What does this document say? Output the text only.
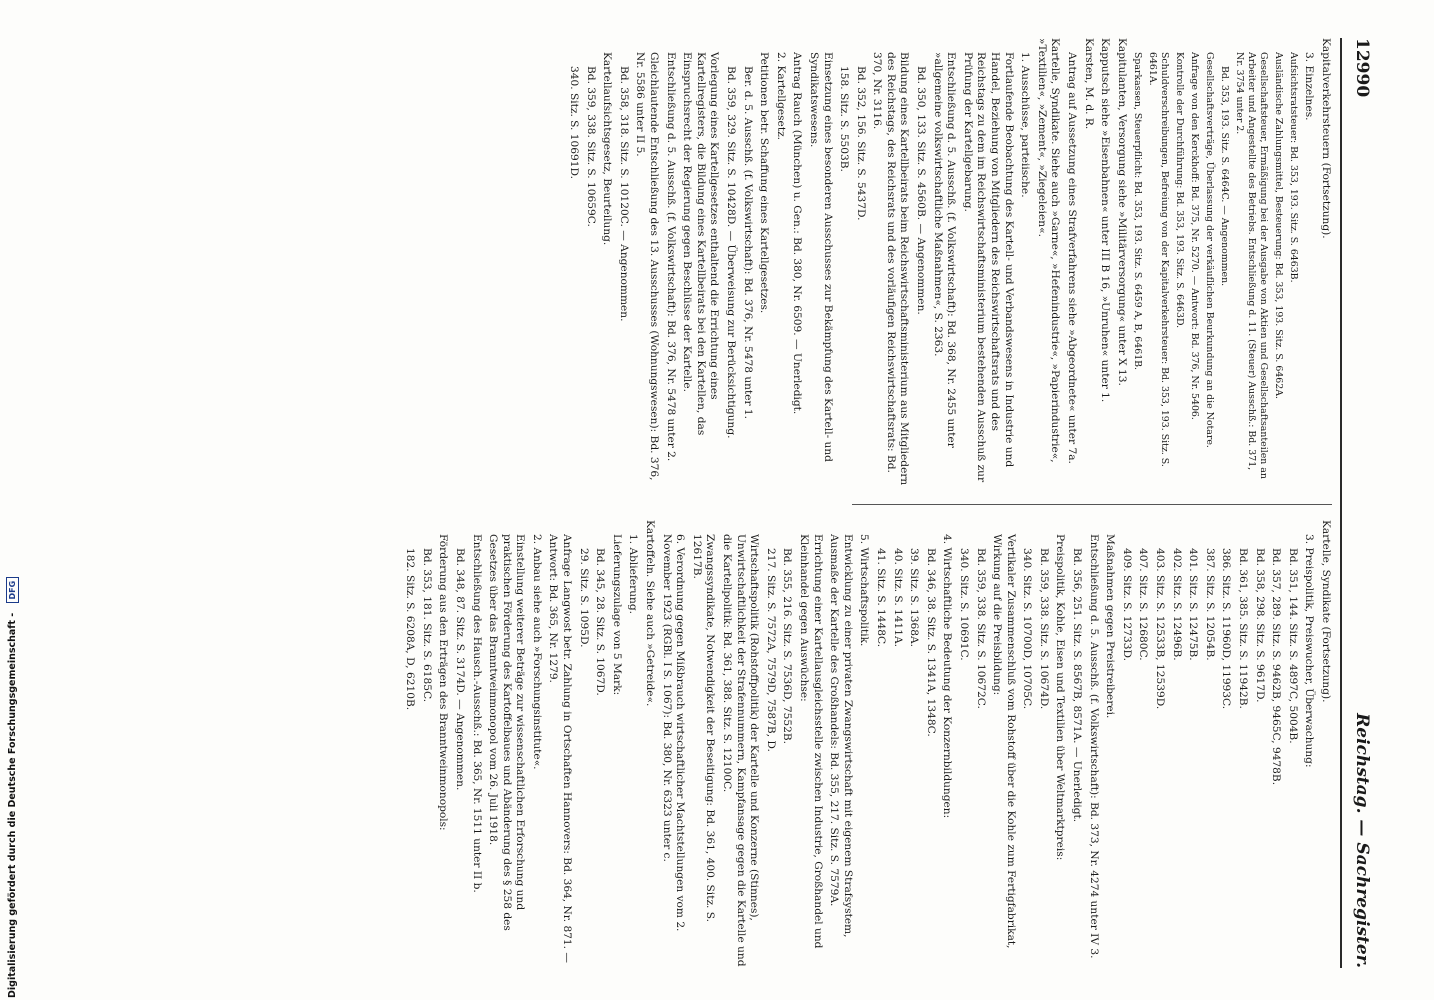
12990
Reichstag. — Sachregister.
Kapitalverkehrsteuern (Fortsetzung).
3. Einzelnes.
Aufsichtsratsteuer: Bd. 353, 193. Sitz. S. 6463B.
Ausländische Zahlungsmittel, Besteuerung: Bd. 353, 193. Sitz. S. 6462A.
Gesellschaftsteuer, Ermäßigung bei der Ausgabe von Aktien und Gesellschaftsanteilen an Arbeiter und Angestellte des Betriebs. Entschließung d. 11. (Steuer) Ausschß.: Bd. 371, Nr. 3754 unter 2.
Bd. 353, 193. Sitz. S. 6464C. — Angenommen.
Gesellschaftsverträge, Überlassung der verkäuflichen Beurkundung an die Notare.
Anfrage von den Kerckhoff: Bd. 375, Nr. 5270. — Antwort: Bd. 376, Nr. 5406.
Kontrolle der Durchführung: Bd. 353, 193. Sitz. S. 6463D.
Schuldverschreibungen, Befreiung von der Kapitalverkehrsteuer: Bd. 353, 193. Sitz. S. 6461A.
Sparkassen, Steuerpflicht: Bd. 353, 193. Sitz. S. 6459 A, B, 6461B.
Kapitulanten, Versorgung siehe »Militärversorgung« unter X 13.
Kapputsch siehe »Eisenbahnen« unter III B 16, »Unruhen« unter 1.
Karsten, M. d. R.
Antrag auf Aussetzung eines Strafverfahrens siehe »Abgeordnete« unter 7a.
Kartelle, Syndikate. Siehe auch »Garne«, »Hefenindustrie«, »Papierindustrie«, »Textilien«, »Zement«, »Ziegeleien«.
1. Ausschüsse, parteiische.
Fortlaufende Beobachtung des Kartell- und Verbandswesens in Industrie und Handel, Beziehung von Mitgliedern des Reichswirtschaftsrats und des Reichstags zu dem im Reichswirtschaftsministerium bestehenden Ausschuß zur Prüfung der Kartellgebarung.
Entschließung d. 5. Ausschß. (f. Volkswirtschaft): Bd. 368, Nr. 2455 unter »allgemeine volkswirtschaftliche Maßnahmen«, S. 2363.
Bd. 350, 133. Sitz. S. 4560B. — Angenommen.
Bildung eines Kartellbeirats beim Reichswirtschaftsministerium aus Mitgliedern des Reichstags, des Reichsrats und des vorläufigen Reichswirtschaftsrats: Bd. 370, Nr. 3116.
Bd. 352, 156. Sitz. S. 5437D.
158. Sitz. S. 5503B.
Einsetzung eines besonderen Ausschusses zur Bekämpfung des Kartell- und Syndikatswesens.
Antrag Rauch (München) u. Gen.: Bd. 380, Nr. 6509. — Unerledigt.
2. Kartellgesetz.
Petitionen betr. Schaffung eines Kartellgesetzes.
Ber. d. 5. Ausschß. (f. Volkswirtschaft): Bd. 376, Nr. 5478 unter 1.
Bd. 359, 329. Sitz. S. 10428D. — Überweisung zur Berücksichtigung.
Vorlegung eines Kartellgesetzes enthaltend die Errichtung eines Kartellregisters, die Bildung eines Kartellbeirats bei den Kartellen, das Einspruchsrecht der Regierung gegen Beschlüsse der Kartelle.
Entschließung d. 5. Ausschß. (f. Volkswirtschaft): Bd. 376, Nr. 5478 unter 2.
Gleichlautende Entschließung des 13. Ausschusses (Wohnungswesen): Bd. 376, Nr. 5586 unter II 5.
Bd. 358, 318. Sitz. S. 10120C. — Angenommen.
Kartellaufsichtsgesetz, Beurteilung.
Bd. 359, 338. Sitz. S. 10659C.
340. Sitz. S. 10691D.
Kartelle, Syndikate (Fortsetzung).
3. Preispolitik, Preiswucher, Überwachung:
Bd. 351, 144. Sitz. S. 4897C, 5004B.
Bd. 357, 289. Sitz. S. 9462B, 9465C, 9478B.
Bd. 358, 298. Sitz. S. 9617D.
Bd. 361, 385. Sitz. S. 11942B.
386. Sitz. S. 11960D, 11993C.
387. Sitz. S. 12054B.
401. Sitz. S. 12475B.
402. Sitz. S. 12496B.
403. Sitz. S. 12533B, 12539D.
407. Sitz. S. 12680C.
409. Sitz. S. 12733D.
Maßnahmen gegen Preistreiberei.
Entschließung d. 5. Ausschß. (f. Volkswirtschaft): Bd. 373, Nr. 4274 unter IV 3.
Bd. 356, 251. Sitz. S. 8567B, 8571A. — Unerledigt.
Preispolitik, Kohle, Eisen und Textilien über Weltmarktpreis:
Bd. 359, 338. Sitz. S. 10674D.
340. Sitz. S. 10700D, 10705C.
Vertikaler Zusammenschluß vom Rohstoff über die Kohle zum Fertigfabrikat, Wirkung auf die Preisbildung:
Bd. 359, 338. Sitz. S. 10672C.
340. Sitz. S. 10691C.
4. Wirtschaftliche Bedeutung der Konzernbildungen:
Bd. 346, 38. Sitz. S. 1341A, 1348C.
39. Sitz. S. 1368A.
40. Sitz. S. 1411A.
41. Sitz. S. 1448C.
5. Wirtschaftspolitik.
Entwicklung zu einer privaten Zwangswirtschaft mit eigenem Strafsystem, Ausmaße der Kartelle des Großhandels: Bd. 355, 217. Sitz. S. 7579A.
Errichtung einer Kartellausgleichsstelle zwischen Industrie, Großhandel und Kleinhandel gegen Auswüchse:
Bd. 355, 216. Sitz. S. 7536D, 7552B.
217. Sitz. S. 7572A, 7579D, 7587B, D.
Wirtschaftspolitik (Rohstoffpolitik) der Kartelle und Konzerne (Stinnes), Unwirtschaftlichkeit der Strafennummern, Kampfansage gegen die Kartelle und die Kartellpolitik: Bd. 361, 388. Sitz. S. 12100C.
Zwangssyndikate, Notwendigkeit der Beseitigung: Bd. 361, 400. Sitz. S. 12617B.
6. Verordnung gegen Mißbrauch wirtschaftlicher Machtstellungen vom 2. November 1923 (RGBl. I S. 1067): Bd. 380, Nr. 6323 unter c.
Kartoffeln. Siehe auch »Getreide«.
1. Ablieferung.
Lieferungszulage von 5 Mark:
Bd. 345, 28. Sitz. S. 1067D.
29. Sitz. S. 1095D.
Anfrage Langwost betr. Zahlung in Ortschaften Hannovers: Bd. 364, Nr. 871. — Antwort: Bd. 365, Nr. 1279.
2. Anbau siehe auch »Forschungsinstitute«.
Einstellung weiterer Beträge zur wissenschaftlichen Erforschung und praktischen Förderung des Kartoffelbaues und Abänderung des § 258 des Gesetzes über das Branntweinmonopol vom 26. Juli 1918.
Entschließung des Hausch.-Ausschß.: Bd. 365, Nr. 1511 unter II b.
Bd. 348, 87. Sitz. S. 3174D. — Angenommen.
Förderung aus den Erträgen des Branntweinmonopols:
Bd. 353, 181. Sitz. S. 6185C.
182. Sitz. S. 6208A, D, 6210B.
Digitalisierung gefördert durch die Deutsche Forschungsgemeinschaft - DFG
